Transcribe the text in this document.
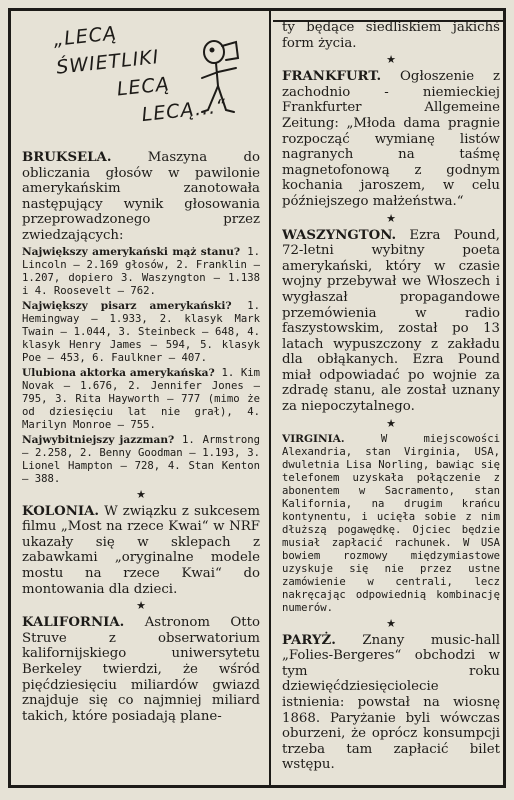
„LECĄ ŚWIETLIKI
LECĄ
LECĄ...“

BRUKSELA.	Maszyna do obliczania głosów w pawilonie amerykańskim zanotowała następujący wynik głosowania przeprowadzonego przez zwiedzających:

Największy amerykański mąż stanu? 1. Lincoln — 2.169 głosów, 2. Franklin — 1.207, dopiero 3. Waszyngton — 1.138 i 4. Roosevelt — 762.

Największy pisarz amerykański? 1. Hemingway — 1.933, 2. klasyk Mark Twain — 1.044, 3. Steinbeck — 648, 4. klasyk Henry James — 594, 5. klasyk Poe — 453, 6. Faulkner — 407.

Ulubiona aktorka amerykańska? 1. Kim Novak — 1.676, 2. Jennifer Jones — 795, 3. Rita Hayworth — 777 (mimo że od dziesięciu lat nie grał), 4. Marilyn Monroe — 755.

Najwybitniejszy jazzman? 1. Armstrong — 2.258, 2. Benny Goodman — 1.193, 3. Lionel Hampton — 728, 4. Stan Kenton — 388.

★

KOLONIA. W związku z sukcesem filmu „Most na rzece Kwai“ w NRF ukazały się w sklepach z zabawkami „oryginalne modele mostu na rzece Kwai“ do montowania dla dzieci.

★

KALIFORNIA. Astronom Otto Struve z obserwatorium kalifornijskiego uniwersytetu Berkeley twierdzi, że wśród pięćdziesięciu miliardów gwiazd znajduje się co najmniej miliard takich, które posiadają plane-

ty będące siedliskiem jakichś form życia.

★

FRANKFURT. Ogłoszenie z zachodnio - niemieckiej Frankfurter Allgemeine Zeitung: „Młoda dama pragnie rozpocząć wymianę listów nagranych na taśmę magnetofonową z godnym kochania jaroszem, w celu późniejszego małżeństwa.“

★

WASZYNGTON. Ezra Pound, 72-letni wybitny poeta amerykański, który w czasie wojny przebywał we Włoszech i wygłaszał propagandowe przemówienia w radio faszystowskim, został po 13 latach wypuszczony z zakładu dla obłąkanych. Ezra Pound miał odpowiadać po wojnie za zdradę stanu, ale został uznany za niepoczytalnego.

★

VIRGINIA.	W miejscowości Alexandria, stan Virginia, USA, dwuletnia Lisa Norling, bawiąc się telefonem uzyskała połączenie z abonentem w Sacramento, stan Kalifornia, na drugim krańcu kontynentu, i ucięła sobie z nim dłuższą pogawędkę. Ojciec będzie musiał zapłacić rachunek. W USA bowiem rozmowy międzymiastowe uzyskuje się nie przez ustne zamówienie w centrali, lecz nakręcając odpowiednią kombinację numerów.

★

PARYŻ. Znany music-hall „Folies-Bergeres“ obchodzi w tym roku dziewięćdziesięciolecie istnienia: powstał na wiosnę 1868. Paryżanie byli wówczas oburzeni, że oprócz konsumpcji trzeba tam zapłacić bilet wstępu.
